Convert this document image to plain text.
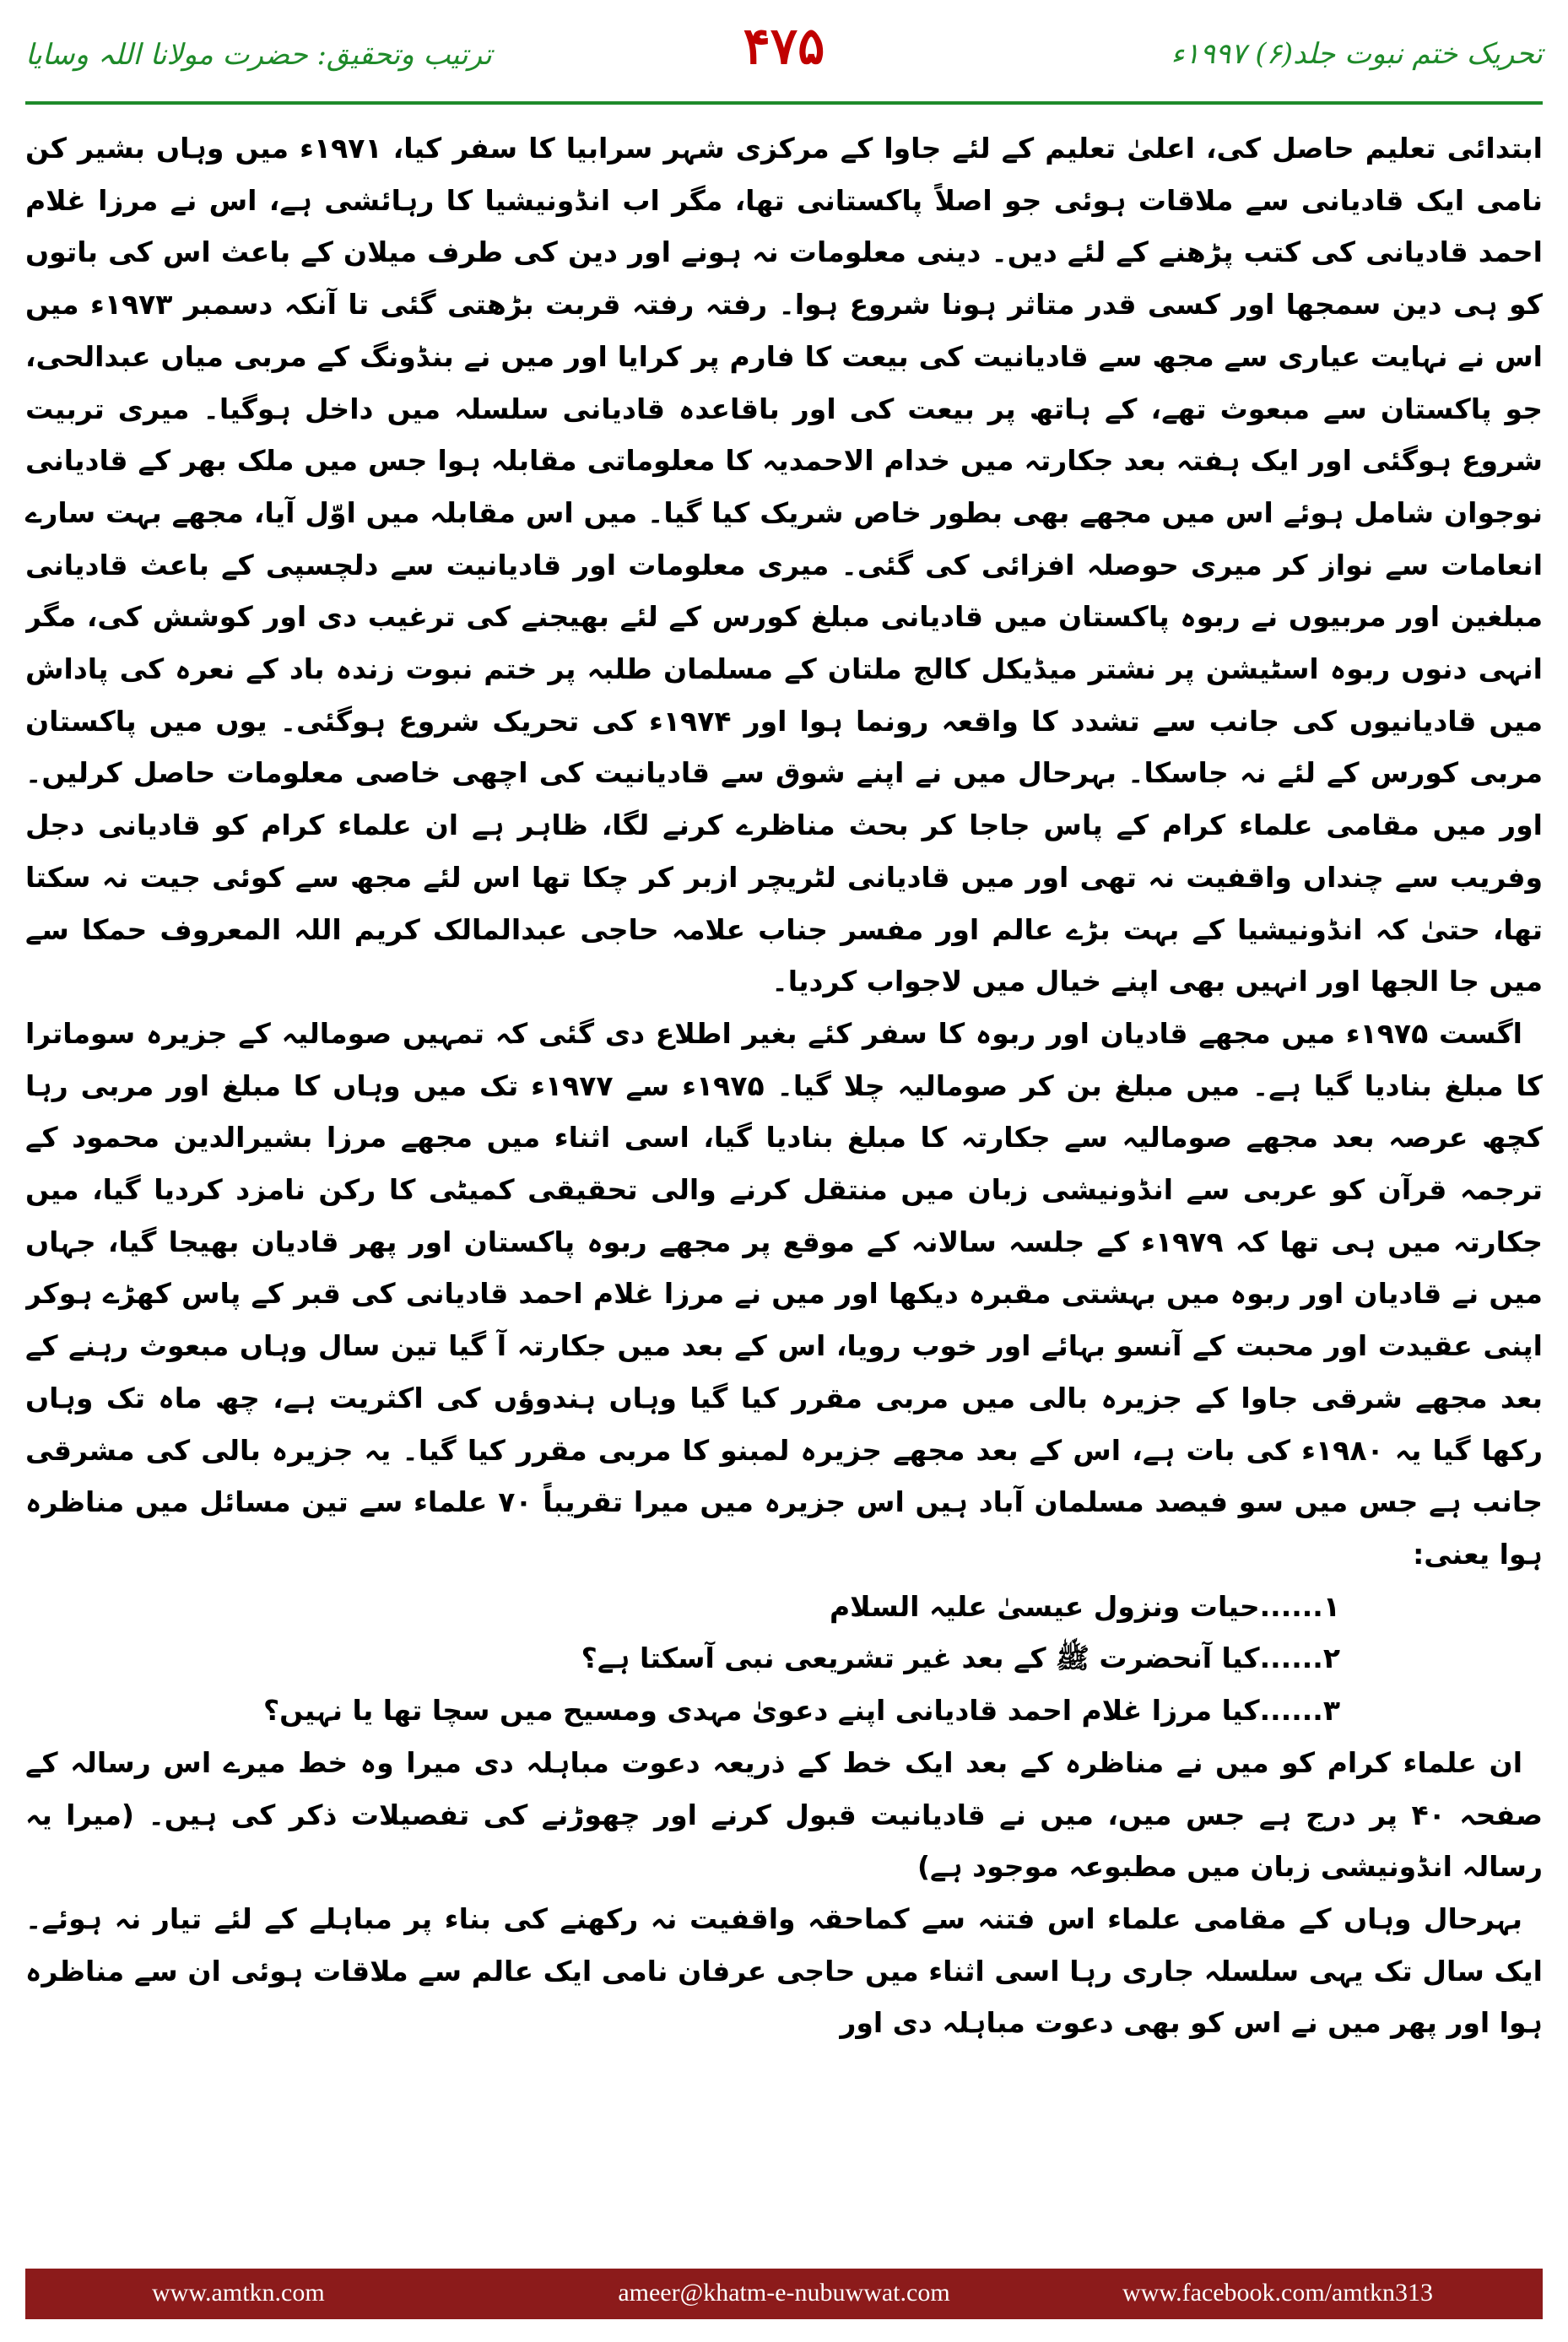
ترتیب وتحقیق: حضرت مولانا اللہ وسایا	۴۷۵	تحریک ختم نبوت جلد(۶) ۱۹۹۷ء

ابتدائی تعلیم حاصل کی، اعلیٰ تعلیم کے لئے جاوا کے مرکزی شہر سرابیا کا سفر کیا، ۱۹۷۱ء میں وہاں بشیر کن نامی ایک قادیانی سے ملاقات ہوئی جو اصلاً پاکستانی تھا، مگر اب انڈونیشیا کا رہائشی ہے، اس نے مرزا غلام احمد قادیانی کی کتب پڑھنے کے لئے دیں۔ دینی معلومات نہ ہونے اور دین کی طرف میلان کے باعث اس کی باتوں کو ہی دین سمجھا اور کسی قدر متاثر ہونا شروع ہوا۔ رفتہ رفتہ قربت بڑھتی گئی تا آنکہ دسمبر ۱۹۷۳ء میں اس نے نہایت عیاری سے مجھ سے قادیانیت کی بیعت کا فارم پر کرایا اور میں نے بنڈونگ کے مربی میاں عبدالحی، جو پاکستان سے مبعوث تھے، کے ہاتھ پر بیعت کی اور باقاعدہ قادیانی سلسلہ میں داخل ہوگیا۔ میری تربیت شروع ہوگئی اور ایک ہفتہ بعد جکارتہ میں خدام الاحمدیہ کا معلوماتی مقابلہ ہوا جس میں ملک بھر کے قادیانی نوجوان شامل ہوئے اس میں مجھے بھی بطور خاص شریک کیا گیا۔ میں اس مقابلہ میں اوّل آیا، مجھے بہت سارے انعامات سے نواز کر میری حوصلہ افزائی کی گئی۔ میری معلومات اور قادیانیت سے دلچسپی کے باعث قادیانی مبلغین اور مربیوں نے ربوہ پاکستان میں قادیانی مبلغ کورس کے لئے بھیجنے کی ترغیب دی اور کوشش کی، مگر انہی دنوں ربوہ اسٹیشن پر نشتر میڈیکل کالج ملتان کے مسلمان طلبہ پر ختم نبوت زندہ باد کے نعرہ کی پاداش میں قادیانیوں کی جانب سے تشدد کا واقعہ رونما ہوا اور ۱۹۷۴ء کی تحریک شروع ہوگئی۔ یوں میں پاکستان مربی کورس کے لئے نہ جاسکا۔ بہرحال میں نے اپنے شوق سے قادیانیت کی اچھی خاصی معلومات حاصل کرلیں۔ اور میں مقامی علماء کرام کے پاس جاجا کر بحث مناظرے کرنے لگا، ظاہر ہے ان علماء کرام کو قادیانی دجل وفریب سے چنداں واقفیت نہ تھی اور میں قادیانی لٹریچر ازبر کر چکا تھا اس لئے مجھ سے کوئی جیت نہ سکتا تھا، حتیٰ کہ انڈونیشیا کے بہت بڑے عالم اور مفسر جناب علامہ حاجی عبدالمالک کریم اللہ المعروف حمکا سے میں جا الجھا اور انہیں بھی اپنے خیال میں لاجواب کردیا۔

اگست ۱۹۷۵ء میں مجھے قادیان اور ربوہ کا سفر کئے بغیر اطلاع دی گئی کہ تمہیں صومالیہ کے جزیرہ سوماترا کا مبلغ بنادیا گیا ہے۔ میں مبلغ بن کر صومالیہ چلا گیا۔ ۱۹۷۵ء سے ۱۹۷۷ء تک میں وہاں کا مبلغ اور مربی رہا کچھ عرصہ بعد مجھے صومالیہ سے جکارتہ کا مبلغ بنادیا گیا، اسی اثناء میں مجھے مرزا بشیرالدین محمود کے ترجمہ قرآن کو عربی سے انڈونیشی زبان میں منتقل کرنے والی تحقیقی کمیٹی کا رکن نامزد کردیا گیا، میں جکارتہ میں ہی تھا کہ ۱۹۷۹ء کے جلسہ سالانہ کے موقع پر مجھے ربوہ پاکستان اور پھر قادیان بھیجا گیا، جہاں میں نے قادیان اور ربوہ میں بہشتی مقبرہ دیکھا اور میں نے مرزا غلام احمد قادیانی کی قبر کے پاس کھڑے ہوکر اپنی عقیدت اور محبت کے آنسو بہائے اور خوب رویا، اس کے بعد میں جکارتہ آ گیا تین سال وہاں مبعوث رہنے کے بعد مجھے شرقی جاوا کے جزیرہ بالی میں مربی مقرر کیا گیا وہاں ہندوؤں کی اکثریت ہے، چھ ماہ تک وہاں رکھا گیا یہ ۱۹۸۰ء کی بات ہے، اس کے بعد مجھے جزیرہ لمبنو کا مربی مقرر کیا گیا۔ یہ جزیرہ بالی کی مشرقی جانب ہے جس میں سو فیصد مسلمان آباد ہیں اس جزیرہ میں میرا تقریباً ۷۰ علماء سے تین مسائل میں مناظرہ ہوا یعنی:

۱......حیات ونزول عیسیٰ علیہ السلام

۲......کیا آنحضرت ﷺ کے بعد غیر تشریعی نبی آسکتا ہے؟

۳......کیا مرزا غلام احمد قادیانی اپنے دعویٰ مہدی ومسیح میں سچا تھا یا نہیں؟

ان علماء کرام کو میں نے مناظرہ کے بعد ایک خط کے ذریعہ دعوت مباہلہ دی میرا وہ خط میرے اس رسالہ کے صفحہ ۴۰ پر درج ہے جس میں، میں نے قادیانیت قبول کرنے اور چھوڑنے کی تفصیلات ذکر کی ہیں۔ (میرا یہ رسالہ انڈونیشی زبان میں مطبوعہ موجود ہے)

بہرحال وہاں کے مقامی علماء اس فتنہ سے کماحقہ واقفیت نہ رکھنے کی بناء پر مباہلے کے لئے تیار نہ ہوئے۔ ایک سال تک یہی سلسلہ جاری رہا اسی اثناء میں حاجی عرفان نامی ایک عالم سے ملاقات ہوئی ان سے مناظرہ ہوا اور پھر میں نے اس کو بھی دعوت مباہلہ دی اور

www.amtkn.com	ameer@khatm-e-nubuwwat.com	www.facebook.com/amtkn313
